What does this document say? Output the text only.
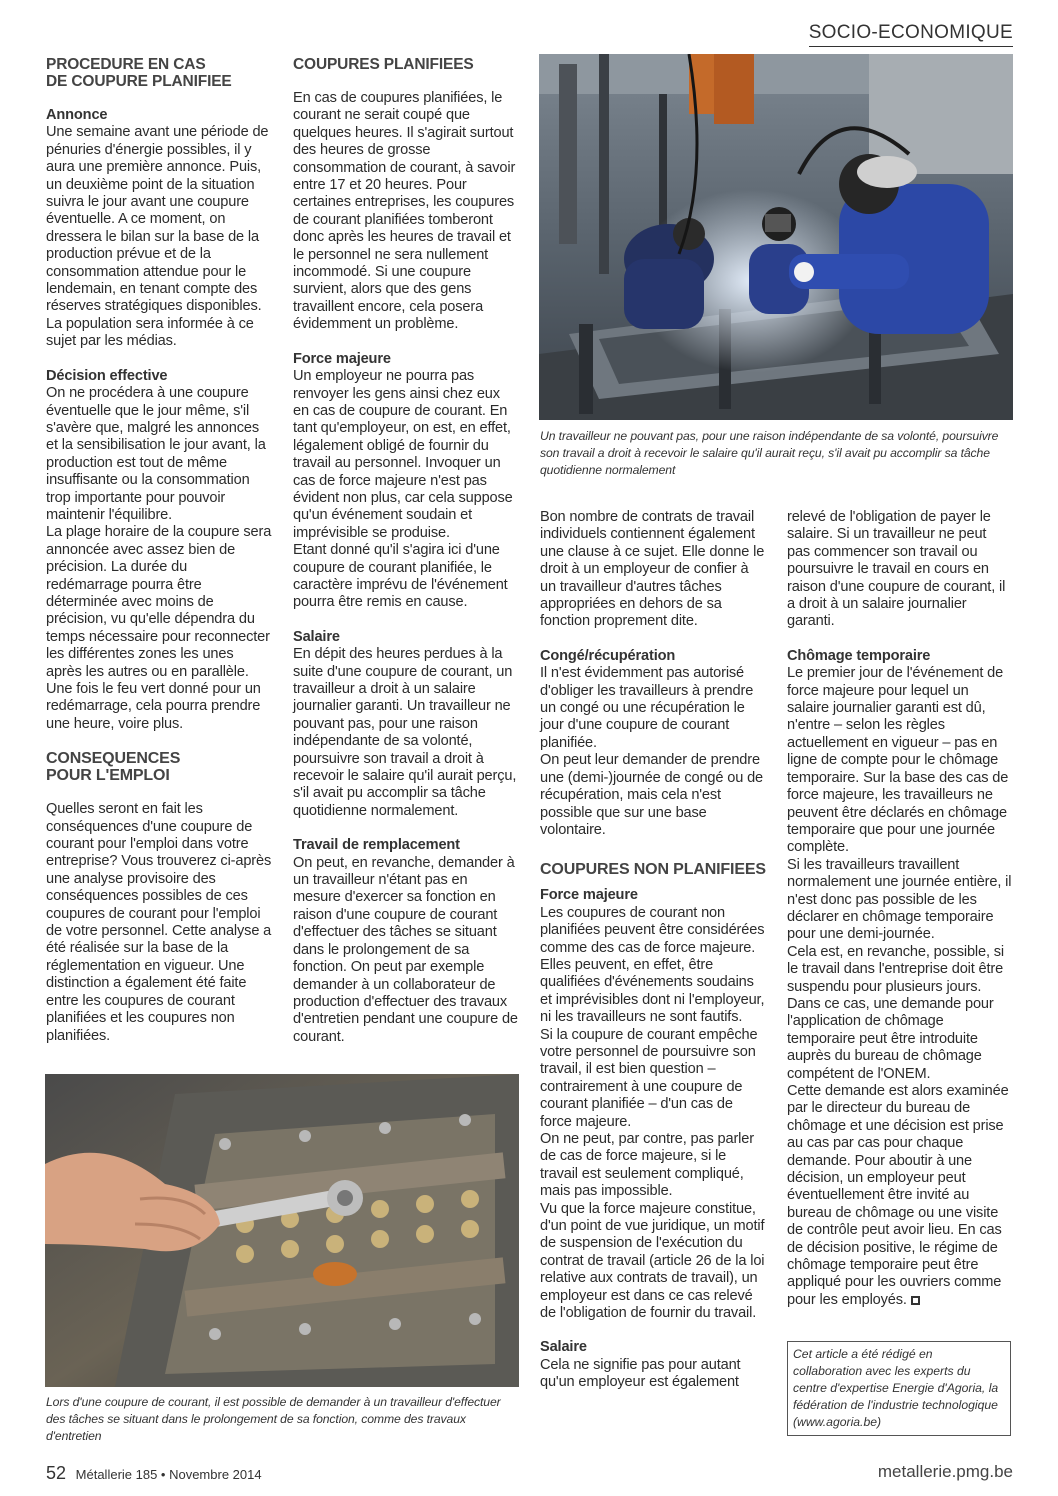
SOCIO-ECONOMIQUE

PROCEDURE EN CAS
DE COUPURE PLANIFIEE

Annonce

Une semaine avant une période de pénuries d'énergie possibles, il y aura une première annonce. Puis, un deuxième point de la situation suivra le jour avant une coupure éventuelle. A ce moment, on dressera le bilan sur la base de la production prévue et de la consommation attendue pour le lendemain, en tenant compte des réserves stratégiques disponibles. La population sera informée à ce sujet par les médias.

Décision effective

On ne procédera à une coupure éventuelle que le jour même, s'il s'avère que, malgré les annonces et la sensibilisation le jour avant, la production est tout de même insuffisante ou la consommation trop importante pour pouvoir maintenir l'équilibre.

La plage horaire de la coupure sera annoncée avec assez bien de précision. La durée du redémarrage pourra être déterminée avec moins de précision, vu qu'elle dépendra du temps nécessaire pour reconnecter les différentes zones les unes après les autres ou en parallèle. Une fois le feu vert donné pour un redémarrage, cela pourra prendre une heure, voire plus.

CONSEQUENCES
POUR L'EMPLOI

Quelles seront en fait les conséquences d'une coupure de courant pour l'emploi dans votre entreprise? Vous trouverez ci-après une analyse provisoire des conséquences possibles de ces coupures de courant pour l'emploi de votre personnel. Cette analyse a été réalisée sur la base de la réglementation en vigueur. Une distinction a également été faite entre les coupures de courant planifiées et les coupures non planifiées.

COUPURES PLANIFIEES

En cas de coupures planifiées, le courant ne serait coupé que quelques heures. Il s'agirait surtout des heures de grosse consommation de courant, à savoir entre 17 et 20 heures. Pour certaines entreprises, les coupures de courant planifiées tomberont donc après les heures de travail et le personnel ne sera nullement incommodé. Si une coupure survient, alors que des gens travaillent encore, cela posera évidemment un problème.

Force majeure

Un employeur ne pourra pas renvoyer les gens ainsi chez eux en cas de coupure de courant. En tant qu'employeur, on est, en effet, légalement obligé de fournir du travail au personnel. Invoquer un cas de force majeure n'est pas évident non plus, car cela suppose qu'un événement soudain et imprévisible se produise.

Etant donné qu'il s'agira ici d'une coupure de courant planifiée, le caractère imprévu de l'événement pourra être remis en cause.

Salaire

En dépit des heures perdues à la suite d'une coupure de courant, un travailleur a droit à un salaire journalier garanti. Un travailleur ne pouvant pas, pour une raison indépendante de sa volonté, poursuivre son travail a droit à recevoir le salaire qu'il aurait perçu, s'il avait pu accomplir sa tâche quotidienne normalement.

Travail de remplacement

On peut, en revanche, demander à un travailleur n'étant pas en mesure d'exercer sa fonction en raison d'une coupure de courant d'effectuer des tâches se situant dans le prolongement de sa fonction. On peut par exemple demander à un collaborateur de production d'effectuer des travaux d'entretien pendant une coupure de courant.

Un travailleur ne pouvant pas, pour une raison indépendante de sa volonté, poursuivre son travail a droit à recevoir le salaire qu'il aurait reçu, s'il avait pu accomplir sa tâche quotidienne normalement

Bon nombre de contrats de travail individuels contiennent également une clause à ce sujet. Elle donne le droit à un employeur de confier à un travailleur d'autres tâches appropriées en dehors de sa fonction proprement dite.

Congé/récupération

Il n'est évidemment pas autorisé d'obliger les travailleurs à prendre un congé ou une récupération le jour d'une coupure de courant planifiée.

On peut leur demander de prendre une (demi-)journée de congé ou de récupération, mais cela n'est possible que sur une base volontaire.

COUPURES NON PLANIFIEES

Force majeure

Les coupures de courant non planifiées peuvent être considérées comme des cas de force majeure. Elles peuvent, en effet, être qualifiées d'événements soudains et imprévisibles dont ni l'employeur, ni les travailleurs ne sont fautifs.

Si la coupure de courant empêche votre personnel de poursuivre son travail, il est bien question – contrairement à une coupure de courant planifiée – d'un cas de force majeure.

On ne peut, par contre, pas parler de cas de force majeure, si le travail est seulement compliqué, mais pas impossible.

Vu que la force majeure constitue, d'un point de vue juridique, un motif de suspension de l'exécution du contrat de travail (article 26 de la loi relative aux contrats de travail), un employeur est dans ce cas relevé de l'obligation de fournir du travail.

Salaire

Cela ne signifie pas pour autant qu'un employeur est également

relevé de l'obligation de payer le salaire. Si un travailleur ne peut pas commencer son travail ou poursuivre le travail en cours en raison d'une coupure de courant, il a droit à un salaire journalier garanti.

Chômage temporaire

Le premier jour de l'événement de force majeure pour lequel un salaire journalier garanti est dû, n'entre – selon les règles actuellement en vigueur – pas en ligne de compte pour le chômage temporaire. Sur la base des cas de force majeure, les travailleurs ne peuvent être déclarés en chômage temporaire que pour une journée complète.

Si les travailleurs travaillent normalement une journée entière, il n'est donc pas possible de les déclarer en chômage temporaire pour une demi-journée.

Cela est, en revanche, possible, si le travail dans l'entreprise doit être suspendu pour plusieurs jours. Dans ce cas, une demande pour l'application de chômage temporaire peut être introduite auprès du bureau de chômage compétent de l'ONEM.

Cette demande est alors examinée par le directeur du bureau de chômage et une décision est prise au cas par cas pour chaque demande. Pour aboutir à une décision, un employeur peut éventuellement être invité au bureau de chômage ou une visite de contrôle peut avoir lieu. En cas de décision positive, le régime de chômage temporaire peut être appliqué pour les ouvriers comme pour les employés.

Cet article a été rédigé en collaboration avec les experts du centre d'expertise Energie d'Agoria, la fédération de l'industrie technologique (www.agoria.be)
Lors d'une coupure de courant, il est possible de demander à un travailleur d'effectuer des tâches se situant dans le prolongement de sa fonction, comme des travaux d'entretien
52 Métallerie 185 • Novembre 2014	metallerie.pmg.be
